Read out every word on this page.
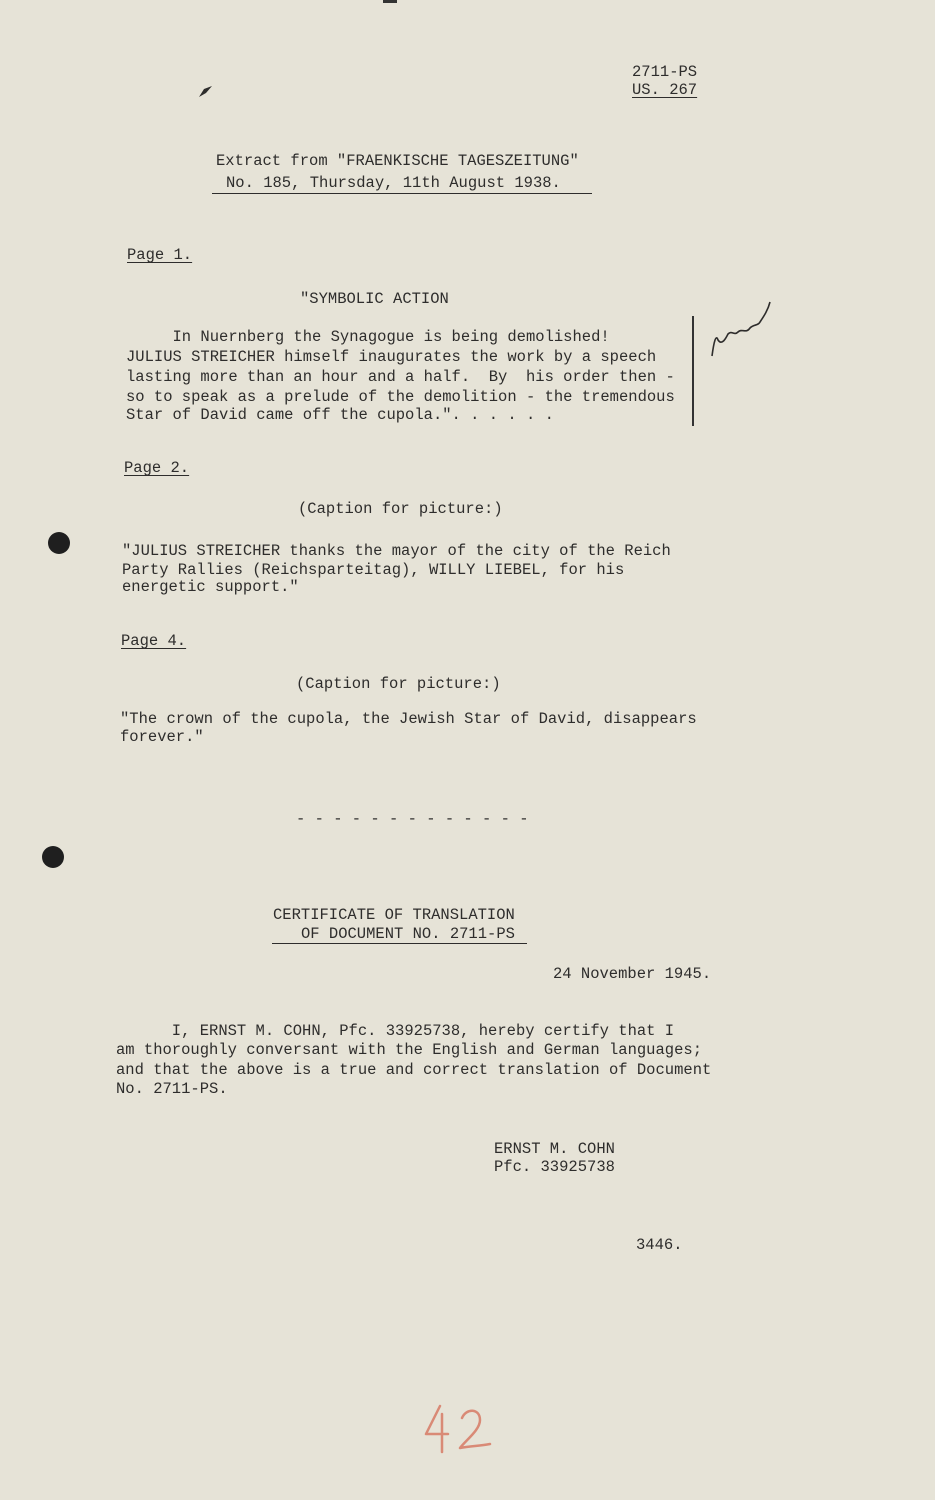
2711-PS

US. 267

Extract from "FRAENKISCHE TAGESZEITUNG"

No. 185, Thursday, 11th August 1938.

Page 1.

"SYMBOLIC ACTION

In Nuernberg the Synagogue is being demolished!

JULIUS STREICHER himself inaugurates the work by a speech

lasting more than an hour and a half.  By  his order then -

so to speak as a prelude of the demolition - the tremendous

Star of David came off the cupola.". . . . . .

Page 2.

(Caption for picture:)

"JULIUS STREICHER thanks the mayor of the city of the Reich

Party Rallies (Reichsparteitag), WILLY LIEBEL, for his

energetic support."

Page 4.

(Caption for picture:)

"The crown of the cupola, the Jewish Star of David, disappears

forever."

- - - - - - - - - - - - -

CERTIFICATE OF TRANSLATION

OF DOCUMENT NO. 2711-PS

24 November 1945.

I, ERNST M. COHN, Pfc. 33925738, hereby certify that I

am thoroughly conversant with the English and German languages;

and that the above is a true and correct translation of Document

No. 2711-PS.

ERNST M. COHN

Pfc. 33925738

3446.
